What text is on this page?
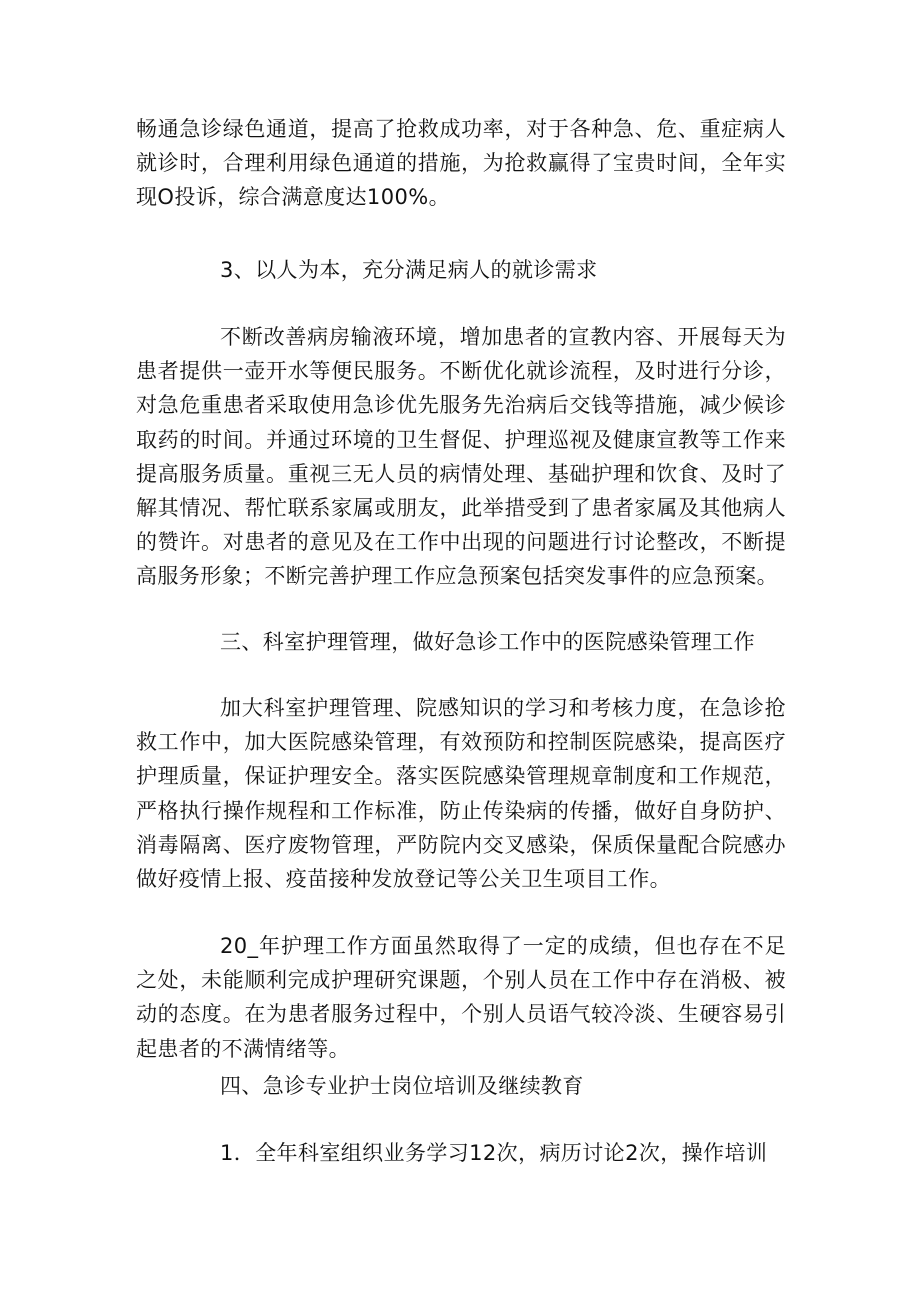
畅通急诊绿色通道，提高了抢救成功率，对于各种急、危、重症病人就诊时，合理利用绿色通道的措施，为抢救赢得了宝贵时间，全年实现O投诉，综合满意度达100%。

3、以人为本，充分满足病人的就诊需求

不断改善病房输液环境，增加患者的宣教内容、开展每天为患者提供一壶开水等便民服务。不断优化就诊流程，及时进行分诊，对急危重患者采取使用急诊优先服务先治病后交钱等措施，减少候诊取药的时间。并通过环境的卫生督促、护理巡视及健康宣教等工作来提高服务质量。重视三无人员的病情处理、基础护理和饮食、及时了解其情况、帮忙联系家属或朋友，此举措受到了患者家属及其他病人的赞许。对患者的意见及在工作中出现的问题进行讨论整改，不断提高服务形象；不断完善护理工作应急预案包括突发事件的应急预案。

三、科室护理管理，做好急诊工作中的医院感染管理工作

加大科室护理管理、院感知识的学习和考核力度，在急诊抢救工作中，加大医院感染管理，有效预防和控制医院感染，提高医疗护理质量，保证护理安全。落实医院感染管理规章制度和工作规范，严格执行操作规程和工作标准，防止传染病的传播，做好自身防护、消毒隔离、医疗废物管理，严防院内交叉感染，保质保量配合院感办做好疫情上报、疫苗接种发放登记等公关卫生项目工作。

20_年护理工作方面虽然取得了一定的成绩，但也存在不足之处，未能顺利完成护理研究课题，个别人员在工作中存在消极、被动的态度。在为患者服务过程中，个别人员语气较冷淡、生硬容易引起患者的不满情绪等。

四、急诊专业护士岗位培训及继续教育

1．全年科室组织业务学习12次，病历讨论2次，操作培训
